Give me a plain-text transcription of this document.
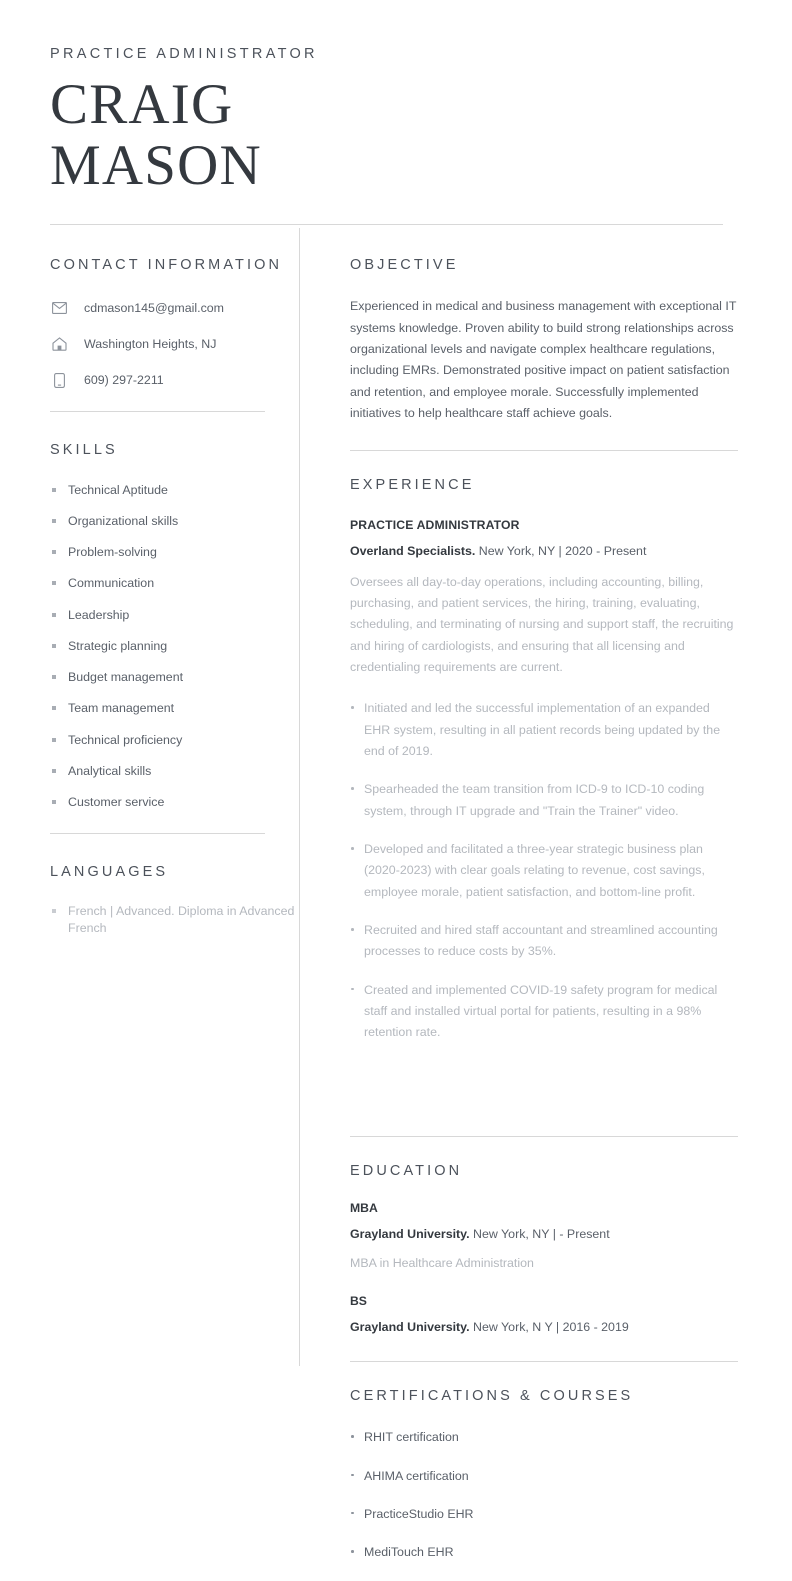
PRACTICE ADMINISTRATOR
CRAIG
MASON
CONTACT INFORMATION
cdmason145@gmail.com
Washington Heights, NJ
609) 297-2211
SKILLS
Technical Aptitude
Organizational skills
Problem-solving
Communication
Leadership
Strategic planning
Budget management
Team management
Technical proficiency
Analytical skills
Customer service
LANGUAGES
French | Advanced. Diploma in Advanced French
OBJECTIVE
Experienced in medical and business management with exceptional IT systems knowledge. Proven ability to build strong relationships across organizational levels and navigate complex healthcare regulations, including EMRs. Demonstrated positive impact on patient satisfaction and retention, and employee morale. Successfully implemented initiatives to help healthcare staff achieve goals.
EXPERIENCE
PRACTICE ADMINISTRATOR
Overland Specialists. New York, NY | 2020 - Present
Oversees all day-to-day operations, including accounting, billing, purchasing, and patient services, the hiring, training, evaluating, scheduling, and terminating of nursing and support staff, the recruiting and hiring of cardiologists, and ensuring that all licensing and credentialing requirements are current.
Initiated and led the successful implementation of an expanded EHR system, resulting in all patient records being updated by the end of 2019.
Spearheaded the team transition from ICD-9 to ICD-10 coding system, through IT upgrade and "Train the Trainer" video.
Developed and facilitated a three-year strategic business plan (2020-2023) with clear goals relating to revenue, cost savings, employee morale, patient satisfaction, and bottom-line profit.
Recruited and hired staff accountant and streamlined accounting processes to reduce costs by 35%.
Created and implemented COVID-19 safety program for medical staff and installed virtual portal for patients, resulting in a 98% retention rate.
EDUCATION
MBA
Grayland University. New York, NY | - Present
MBA in Healthcare Administration
BS
Grayland University. New York, N Y | 2016 - 2019
CERTIFICATIONS & COURSES
RHIT certification
AHIMA certification
PracticeStudio EHR
MediTouch EHR
